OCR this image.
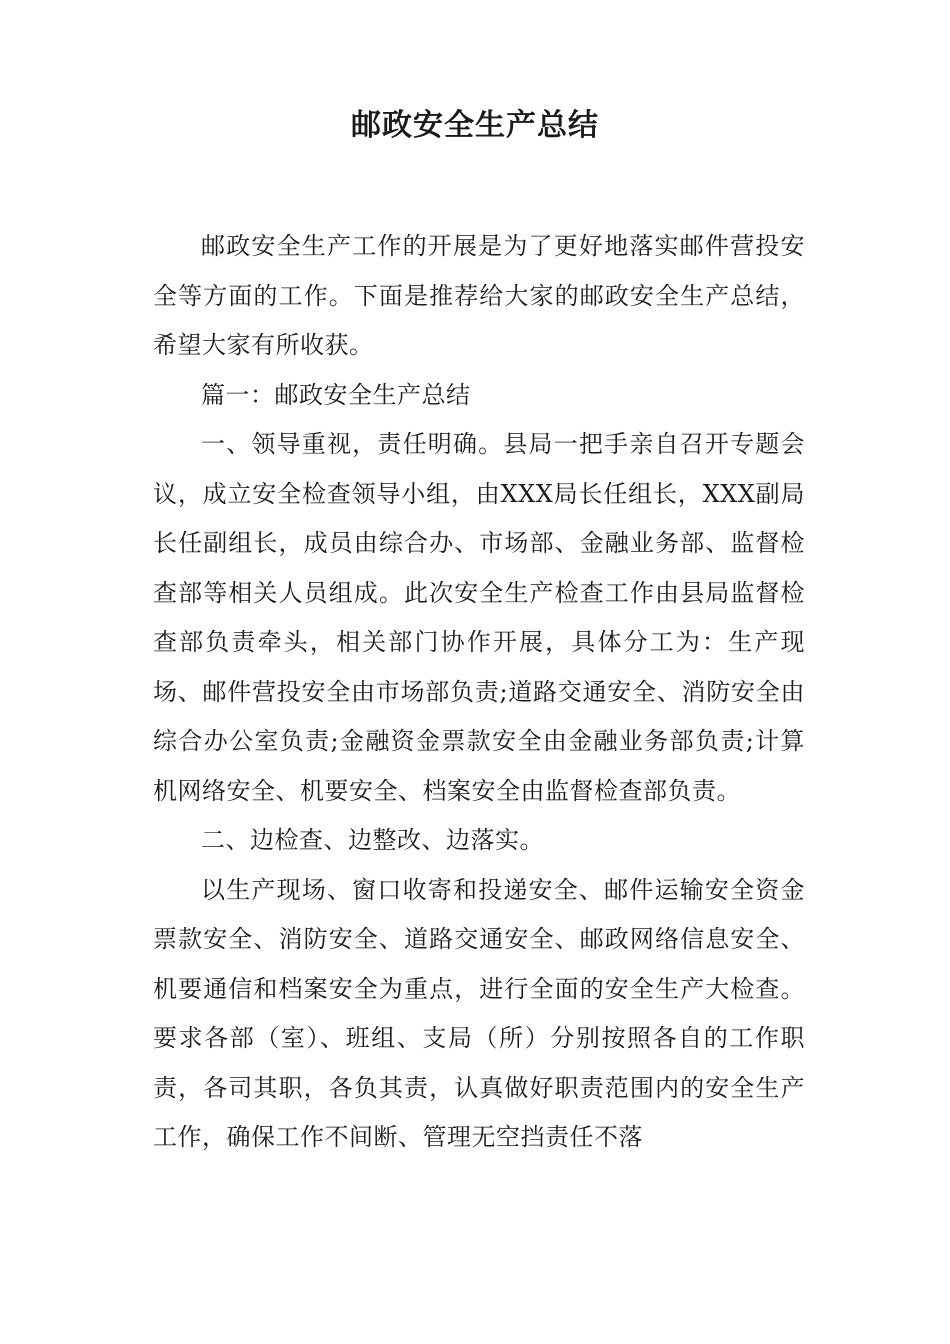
邮政安全生产总结

邮政安全生产工作的开展是为了更好地落实邮件营投安全等方面的工作。下面是推荐给大家的邮政安全生产总结，希望大家有所收获。

篇一：邮政安全生产总结

一、领导重视，责任明确。县局一把手亲自召开专题会议，成立安全检查领导小组，由XXX局长任组长，XXX副局长任副组长，成员由综合办、市场部、金融业务部、监督检查部等相关人员组成。此次安全生产检查工作由县局监督检查部负责牵头，相关部门协作开展，具体分工为：生产现场、邮件营投安全由市场部负责;道路交通安全、消防安全由综合办公室负责;金融资金票款安全由金融业务部负责;计算机网络安全、机要安全、档案安全由监督检查部负责。

二、边检查、边整改、边落实。

以生产现场、窗口收寄和投递安全、邮件运输安全资金票款安全、消防安全、道路交通安全、邮政网络信息安全、机要通信和档案安全为重点，进行全面的安全生产大检查。要求各部（室）、班组、支局（所）分别按照各自的工作职责，各司其职，各负其责，认真做好职责范围内的安全生产工作，确保工作不间断、管理无空挡责任不落
